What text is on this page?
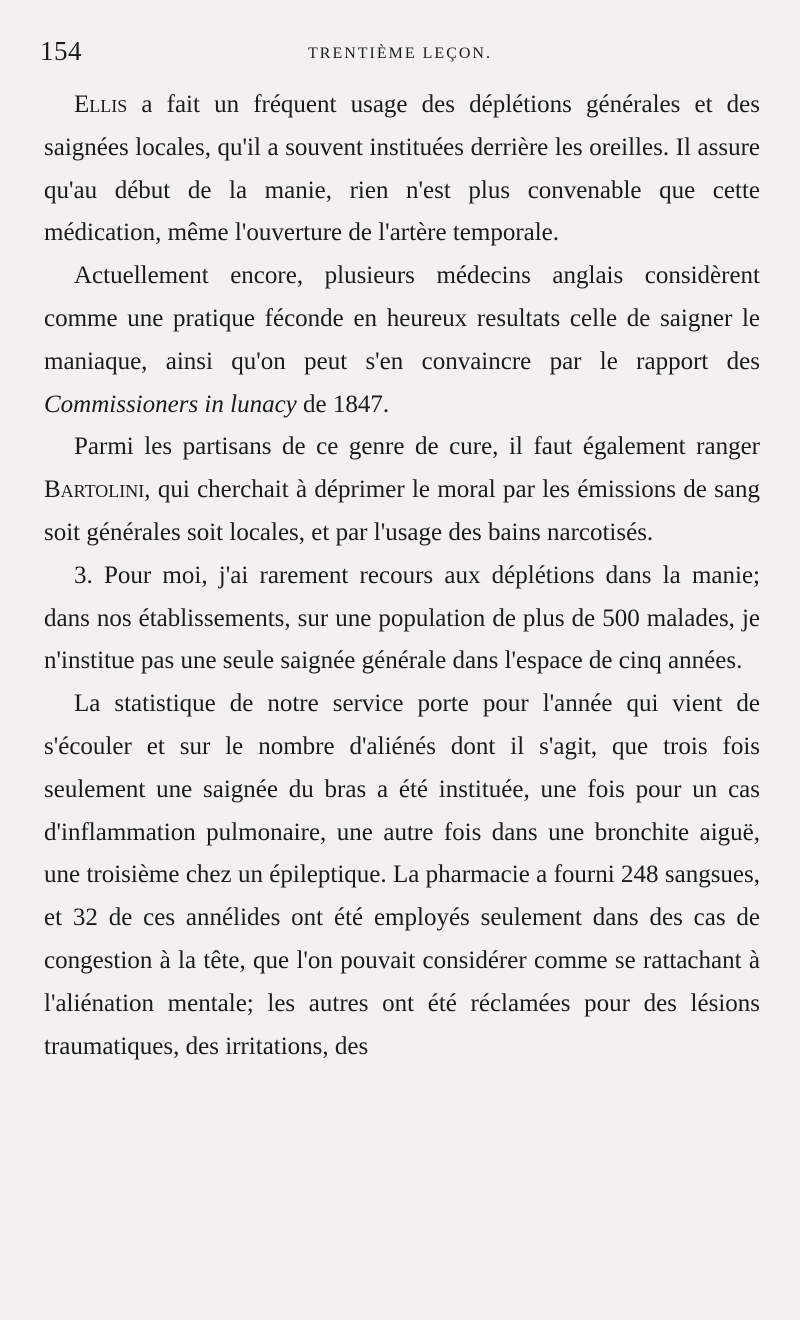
154	TRENTIÈME LEÇON.

Ellis a fait un fréquent usage des déplétions générales et des saignées locales, qu'il a souvent instituées derrière les oreilles. Il assure qu'au début de la manie, rien n'est plus convenable que cette médication, même l'ouverture de l'artère temporale.

Actuellement encore, plusieurs médecins anglais considèrent comme une pratique féconde en heureux resultats celle de saigner le maniaque, ainsi qu'on peut s'en convaincre par le rapport des Commissioners in lunacy de 1847.

Parmi les partisans de ce genre de cure, il faut également ranger Bartolini, qui cherchait à déprimer le moral par les émissions de sang soit générales soit locales, et par l'usage des bains narcotisés.

3. Pour moi, j'ai rarement recours aux déplétions dans la manie; dans nos établissements, sur une population de plus de 500 malades, je n'institue pas une seule saignée générale dans l'espace de cinq années.

La statistique de notre service porte pour l'année qui vient de s'écouler et sur le nombre d'aliénés dont il s'agit, que trois fois seulement une saignée du bras a été instituée, une fois pour un cas d'inflammation pulmonaire, une autre fois dans une bronchite aiguë, une troisième chez un épileptique. La pharmacie a fourni 248 sangsues, et 32 de ces annélides ont été employés seulement dans des cas de congestion à la tête, que l'on pouvait considérer comme se rattachant à l'aliénation mentale; les autres ont été réclamées pour des lésions traumatiques, des irritations, des
